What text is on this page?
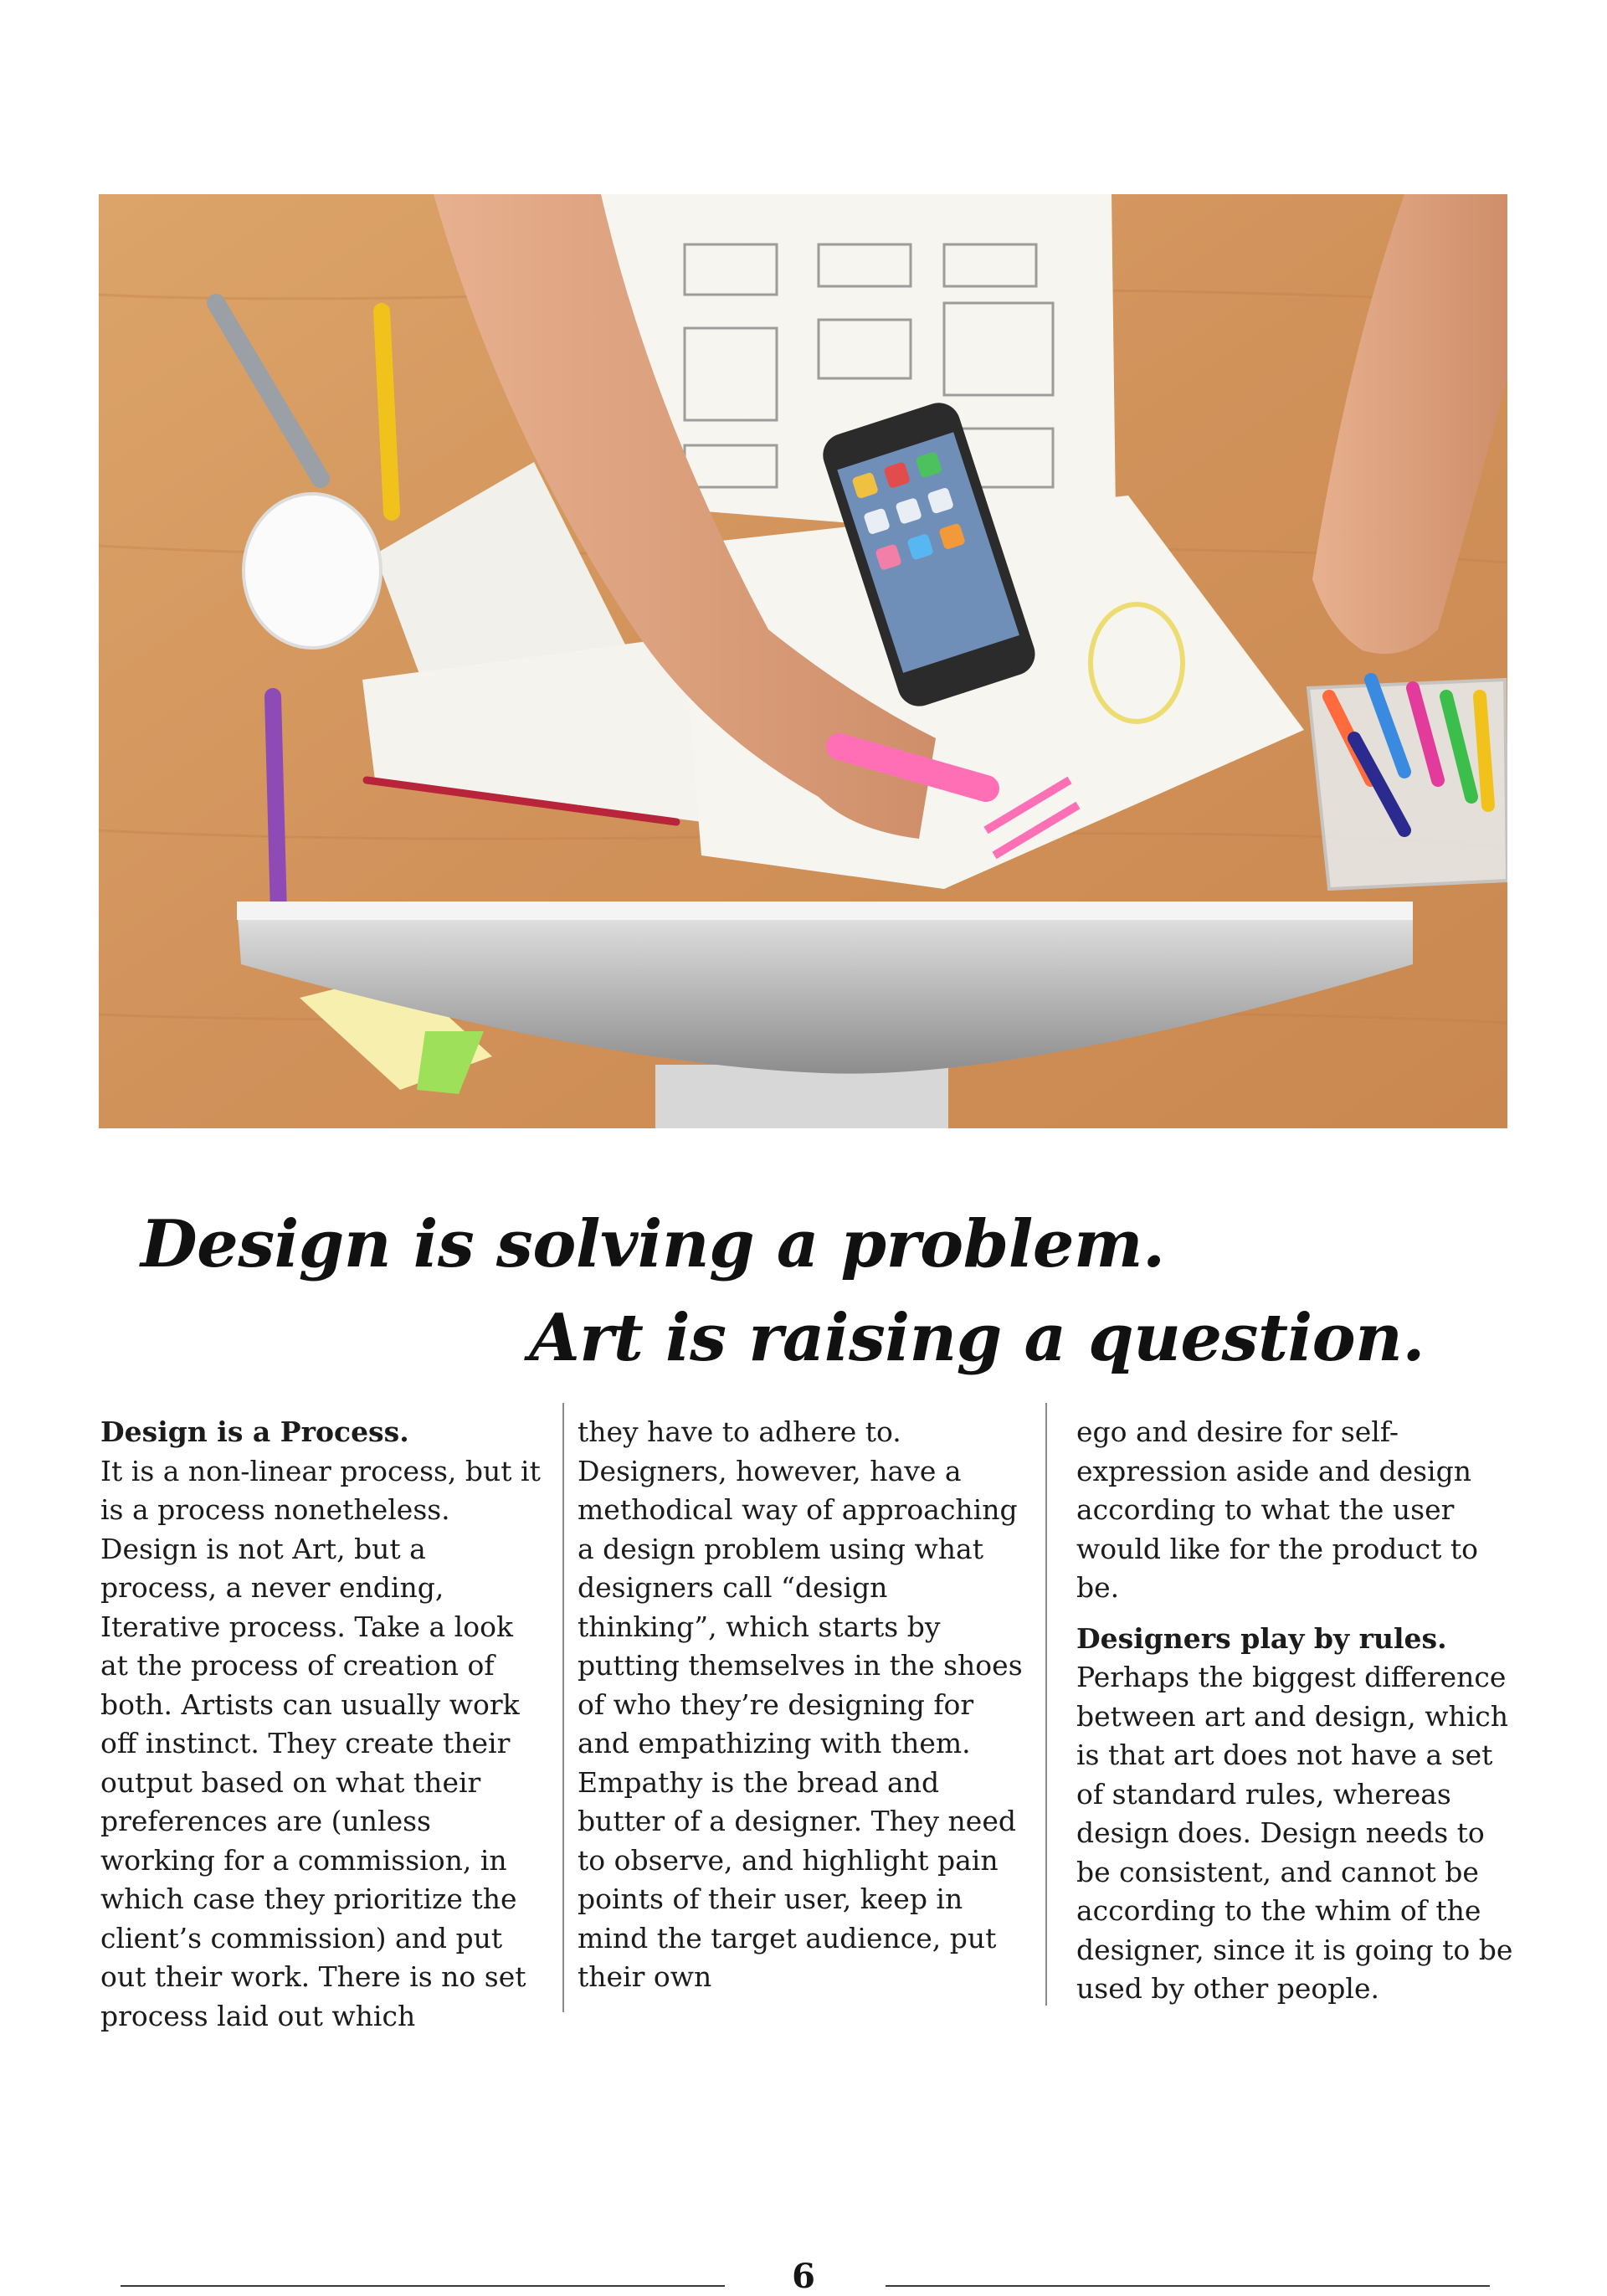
Design is solving a problem.

Art is raising a question.

Design is a Process.

It is a non-linear process, but it is a process nonetheless. Design is not Art, but a process, a never ending, Iterative process. Take a look at the process of creation of both. Artists can usually work off instinct. They create their output based on what their preferences are (unless working for a commission, in which case they prioritize the client’s commission) and put out their work. There is no set process laid out which

they have to adhere to. Designers, however, have a methodical way of approaching a design problem using what designers call “design thinking”, which starts by putting themselves in the shoes of who they’re designing for and empathizing with them. Empathy is the bread and butter of a designer. They need to observe, and highlight pain points of their user, keep in mind the target audience, put their own

ego and desire for self-expression aside and design according to what the user would like for the product to be.

Designers play by rules.

Perhaps the biggest difference between art and design, which is that art does not have a set of standard rules, whereas design does. Design needs to be consistent, and cannot be according to the whim of the designer, since it is going to be used by other people.

6
